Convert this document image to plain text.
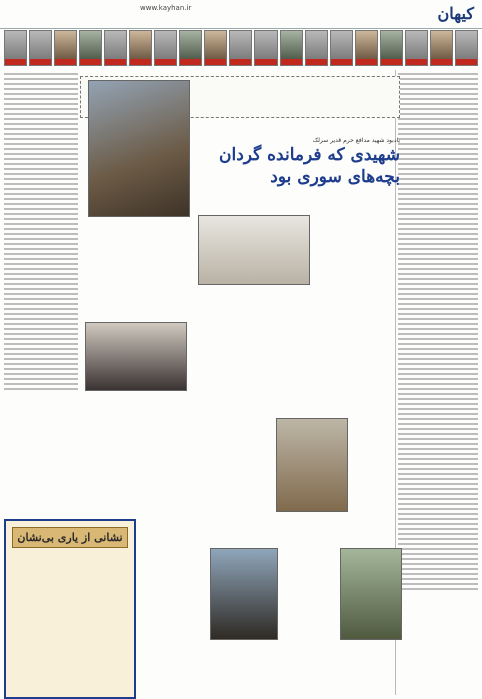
کیهان
www.kayhan.ir
یادبود شهید مدافع حرم قدیر سرلک
شهیدی که فرمانده گردان بچه‌های سوری بود
نشانی از یاری بی‌نشان
